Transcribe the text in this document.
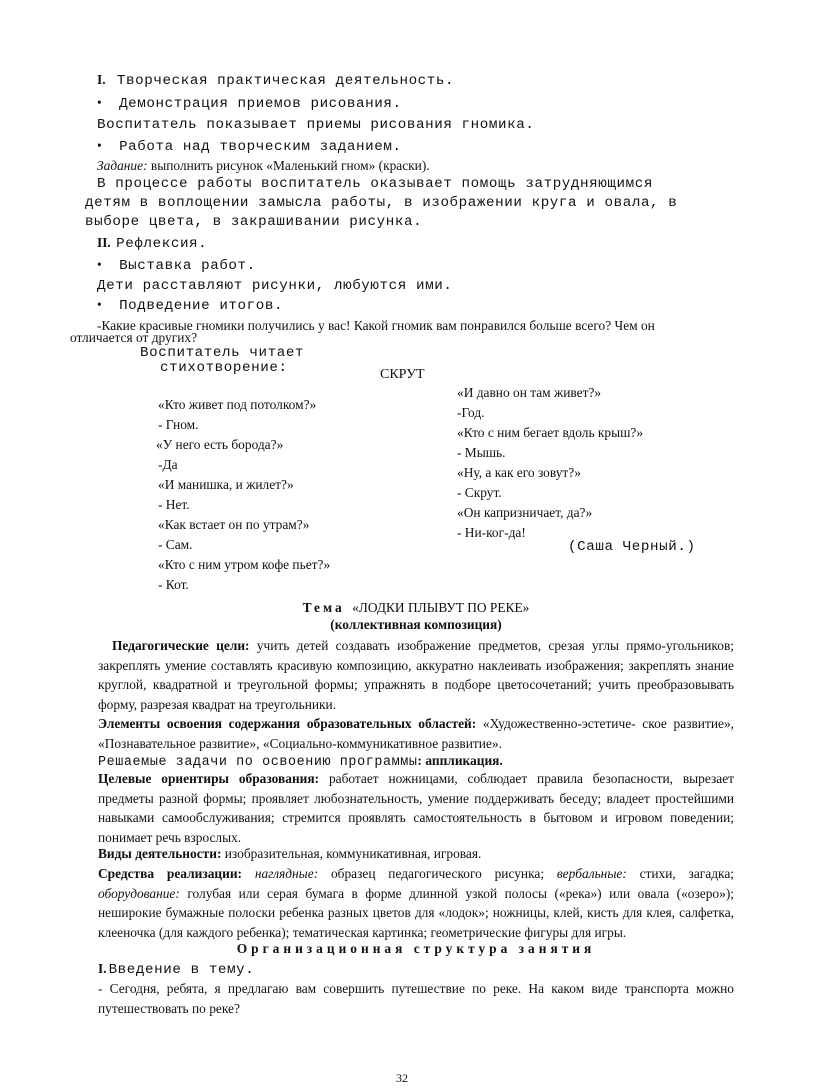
I. Творческая практическая деятельность.
• Демонстрация приемов рисования.
Воспитатель показывает приемы рисования гномика.
• Работа над творческим заданием.
Задание: выполнить рисунок «Маленький гном» (краски).
В процессе работы воспитатель оказывает помощь затрудняющимся
детям в воплощении замысла работы, в изображении круга и овала, в
выборе цвета, в закрашивании рисунка.
II. Рефлексия.
• Выставка работ.
Дети расставляют рисунки, любуются ими.
• Подведение итогов.
-Какие красивые гномики получились у вас! Какой гномик вам понравился больше всего? Чем он
отличается от других?
Воспитатель читает
стихотворение:	СКРУТ
«Кто живет под потолком?»
- Гном.
«У него есть борода?»
-Да
«И манишка, и жилет?»
- Нет.
«Как встает он по утрам?»
- Сам.
«Кто с ним утром кофе пьет?»
- Кот.
«И давно он там живет?»
-Год.
«Кто с ним бегает вдоль крыш?»
- Мышь.
«Ну, а как его зовут?»
- Скрут.
«Он капризничает, да?»
- Ни-ког-да!
(Саша Черный.)
Тема «ЛОДКИ ПЛЫВУТ ПО РЕКЕ»
(коллективная композиция)
Педагогические цели: учить детей создавать изображение предметов, срезая углы прямо-угольников; закреплять умение составлять красивую композицию, аккуратно наклеивать изображения; закреплять знание круглой, квадратной и треугольной формы; упражнять в подборе цветосочетаний; учить преобразовывать форму, разрезая квадрат на треугольники.
Элементы освоения содержания образовательных областей: «Художественно-эстетиче- ское развитие», «Познавательное развитие», «Социально-коммуникативное развитие».
Решаемые задачи по освоению программы: аппликация.
Целевые ориентиры образования: работает ножницами, соблюдает правила безопасности, вырезает предметы разной формы; проявляет любознательность, умение поддерживать беседу; владеет простейшими навыками самообслуживания; стремится проявлять самостоятельность в бытовом и игровом поведении; понимает речь взрослых.
Виды деятельности: изобразительная, коммуникативная, игровая.
Средства реализации: наглядные: образец педагогического рисунка; вербальные: стихи, загадка; оборудование: голубая или серая бумага в форме длинной узкой полосы («река») или овала («озеро»); неширокие бумажные полоски ребенка разных цветов для «лодок»; ножницы, клей, кисть для клея, салфетка, клееночка (для каждого ребенка); тематическая картинка; геометрические фигуры для игры.
Организационная структура занятия
I. Введение в тему.
- Сегодня, ребята, я предлагаю вам совершить путешествие по реке. На каком виде транспорта можно путешествовать по реке?
32
